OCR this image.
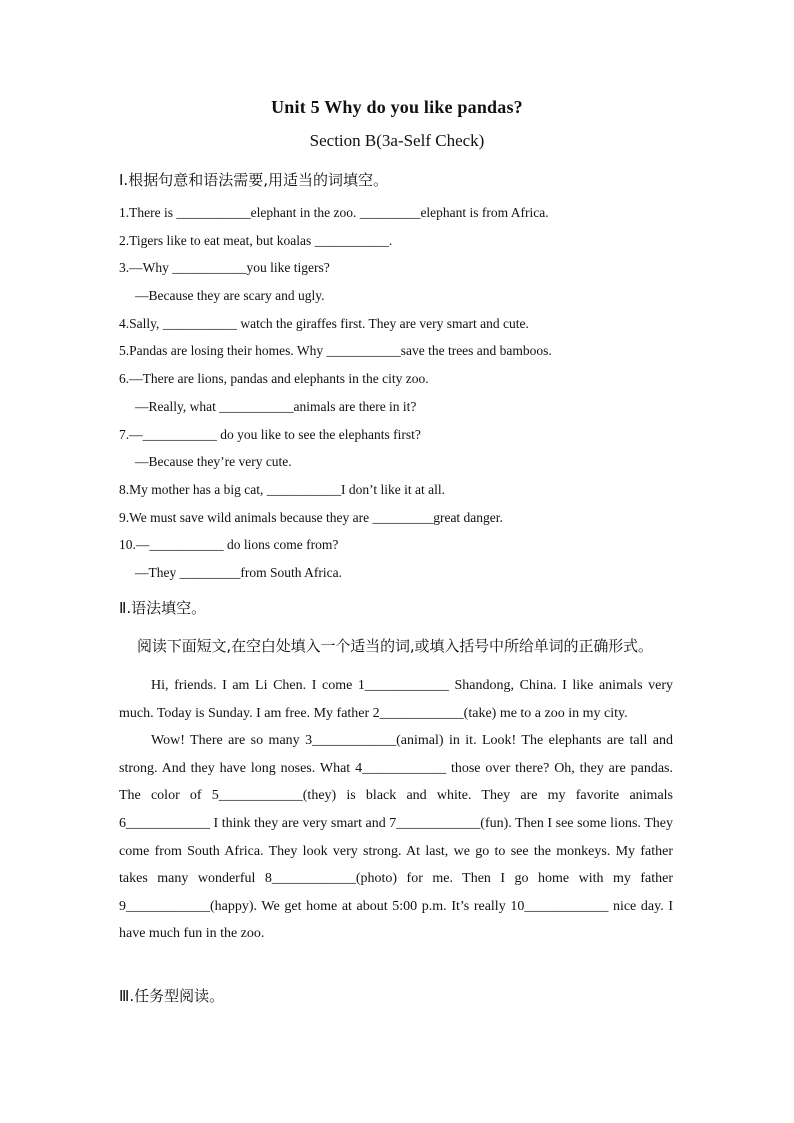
Unit 5 Why do you like pandas?
Section B(3a-Self Check)
Ⅰ.根据句意和语法需要,用适当的词填空。
1.There is ___________elephant in the zoo. _________elephant is from Africa.
2.Tigers like to eat meat, but koalas ___________.
3.—Why ___________you like tigers?
—Because they are scary and ugly.
4.Sally, ___________ watch the giraffes first. They are very smart and cute.
5.Pandas are losing their homes. Why ___________save the trees and bamboos.
6.—There are lions, pandas and elephants in the city zoo.
—Really, what ___________animals are there in it?
7.—___________ do you like to see the elephants first?
—Because they’re very cute.
8.My mother has a big cat, ___________I don’t like it at all.
9.We must save wild animals because they are _________great danger.
10.—___________ do lions come from?
—They _________from South Africa.
Ⅱ.语法填空。
阅读下面短文,在空白处填入一个适当的词,或填入括号中所给单词的正确形式。

Hi, friends. I am Li Chen. I come 1____________ Shandong, China. I like animals very much. Today is Sunday. I am free. My father 2____________(take) me to a zoo in my city.

Wow! There are so many 3____________(animal) in it. Look! The elephants are tall and strong. And they have long noses. What 4____________ those over there? Oh, they are pandas. The color of 5____________(they) is black and white. They are my favorite animals 6____________ I think they are very smart and 7____________(fun). Then I see some lions. They come from South Africa. They look very strong. At last, we go to see the monkeys. My father takes many wonderful 8____________(photo) for me. Then I go home with my father 9____________(happy). We get home at about 5:00 p.m. It’s really 10____________ nice day. I have much fun in the zoo.

Ⅲ.任务型阅读。
